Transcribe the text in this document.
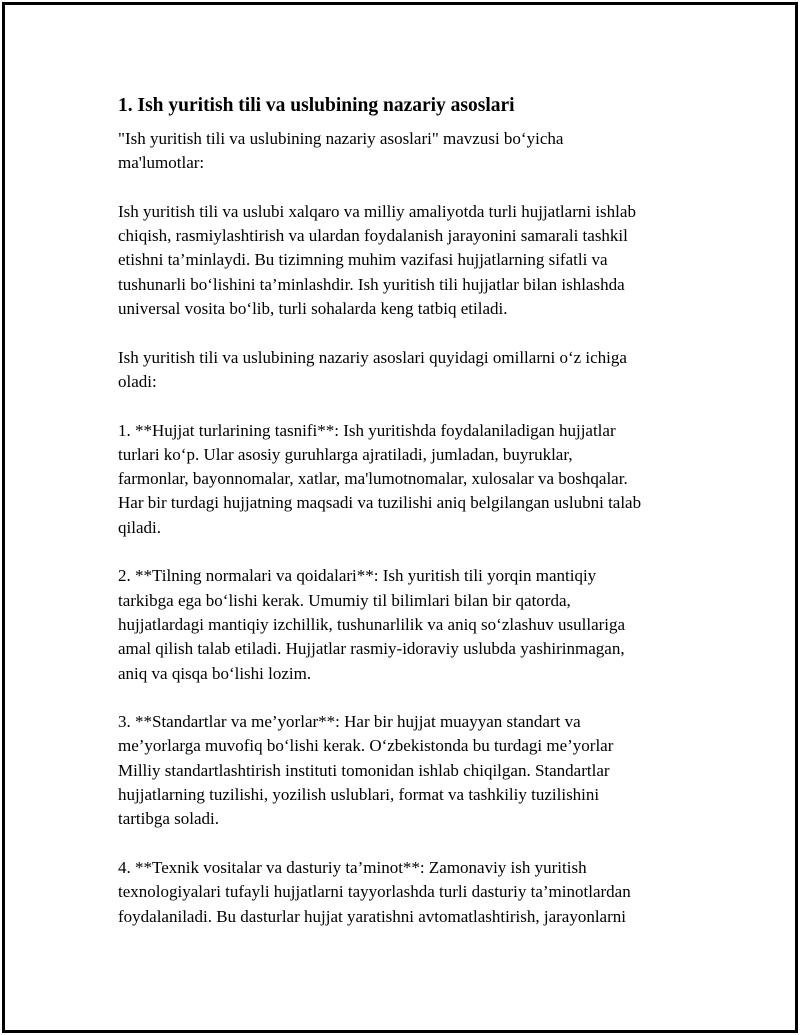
1. Ish yuritish tili va uslubining nazariy asoslari
"Ish yuritish tili va uslubining nazariy asoslari" mavzusi bo‘yicha
ma'lumotlar:
Ish yuritish tili va uslubi xalqaro va milliy amaliyotda turli hujjatlarni ishlab
chiqish, rasmiylashtirish va ulardan foydalanish jarayonini samarali tashkil
etishni ta’minlaydi. Bu tizimning muhim vazifasi hujjatlarning sifatli va
tushunarli bo‘lishini ta’minlashdir. Ish yuritish tili hujjatlar bilan ishlashda
universal vosita bo‘lib, turli sohalarda keng tatbiq etiladi.
Ish yuritish tili va uslubining nazariy asoslari quyidagi omillarni o‘z ichiga
oladi:
1. **Hujjat turlarining tasnifi**: Ish yuritishda foydalaniladigan hujjatlar
turlari ko‘p. Ular asosiy guruhlarga ajratiladi, jumladan, buyruklar,
farmonlar, bayonnomalar, xatlar, ma'lumotnomalar, xulosalar va boshqalar.
Har bir turdagi hujjatning maqsadi va tuzilishi aniq belgilangan uslubni talab
qiladi.
2. **Tilning normalari va qoidalari**: Ish yuritish tili yorqin mantiqiy
tarkibga ega bo‘lishi kerak. Umumiy til bilimlari bilan bir qatorda,
hujjatlardagi mantiqiy izchillik, tushunarlilik va aniq so‘zlashuv usullariga
amal qilish talab etiladi. Hujjatlar rasmiy-idoraviy uslubda yashirinmagan,
aniq va qisqa bo‘lishi lozim.
3. **Standartlar va me’yorlar**: Har bir hujjat muayyan standart va
me’yorlarga muvofiq bo‘lishi kerak. O‘zbekistonda bu turdagi me’yorlar
Milliy standartlashtirish instituti tomonidan ishlab chiqilgan. Standartlar
hujjatlarning tuzilishi, yozilish uslublari, format va tashkiliy tuzilishini
tartibga soladi.
4. **Texnik vositalar va dasturiy ta’minot**: Zamonaviy ish yuritish
texnologiyalari tufayli hujjatlarni tayyorlashda turli dasturiy ta’minotlardan
foydalaniladi. Bu dasturlar hujjat yaratishni avtomatlashtirish, jarayonlarni
